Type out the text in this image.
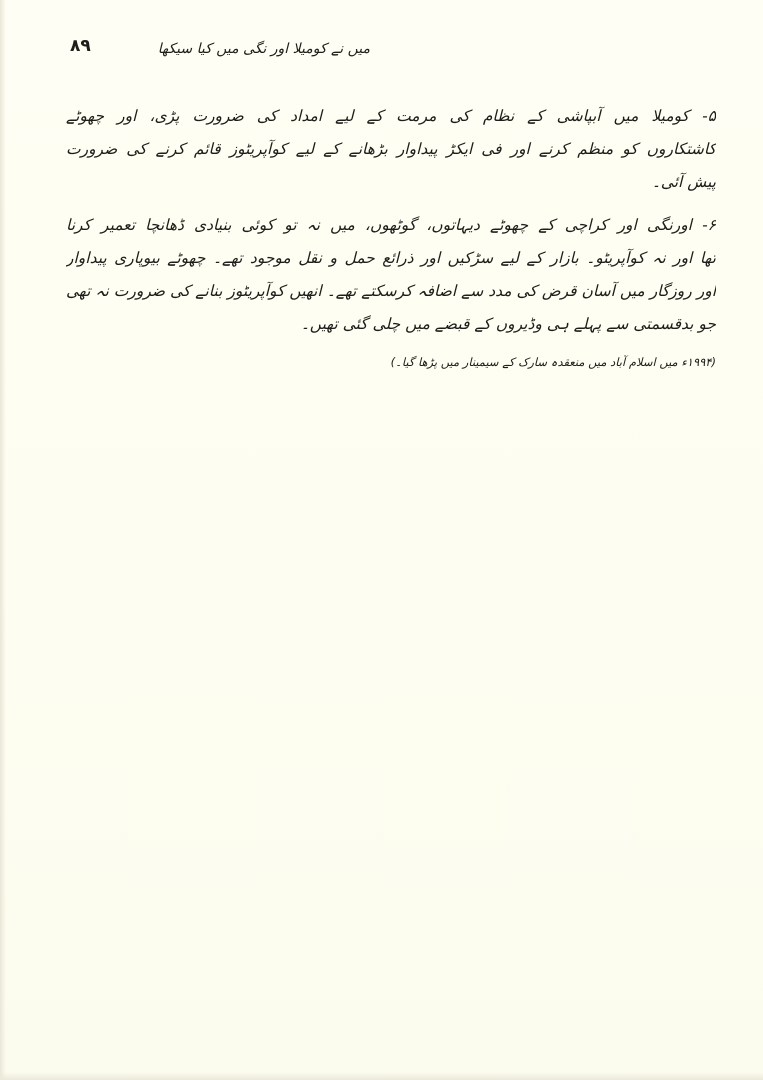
میں نے کومیلا اور نگی میں کیا سیکھا
۸۹
۵- کومیلا میں آبپاشی کے نظام کی مرمت کے لیے امداد کی ضرورت پڑی، اور چھوٹے
کاشتکاروں کو منظم کرنے اور فی ایکڑ پیداوار بڑھانے کے لیے کوآپریٹوز قائم کرنے کی ضرورت
پیش آئی۔
۶- اورنگی اور کراچی کے چھوٹے دیہاتوں، گوٹھوں، میں نہ تو کوئی بنیادی ڈھانچا تعمیر کرنا
تھا اور نہ کوآپریٹو۔ بازار کے لیے سڑکیں اور ذرائع حمل و نقل موجود تھے۔ چھوٹے بیوپاری پیداوار
اور روزگار میں آسان قرض کی مدد سے اضافہ کرسکتے تھے۔ انھیں کوآپریٹوز بنانے کی ضرورت نہ تھی
جو بدقسمتی سے پہلے ہی وڈیروں کے قبضے میں چلی گئی تھیں۔
(۱۹۹۴ء میں اسلام آباد میں منعقدہ سارک کے سیمینار میں پڑھا گیا۔)
